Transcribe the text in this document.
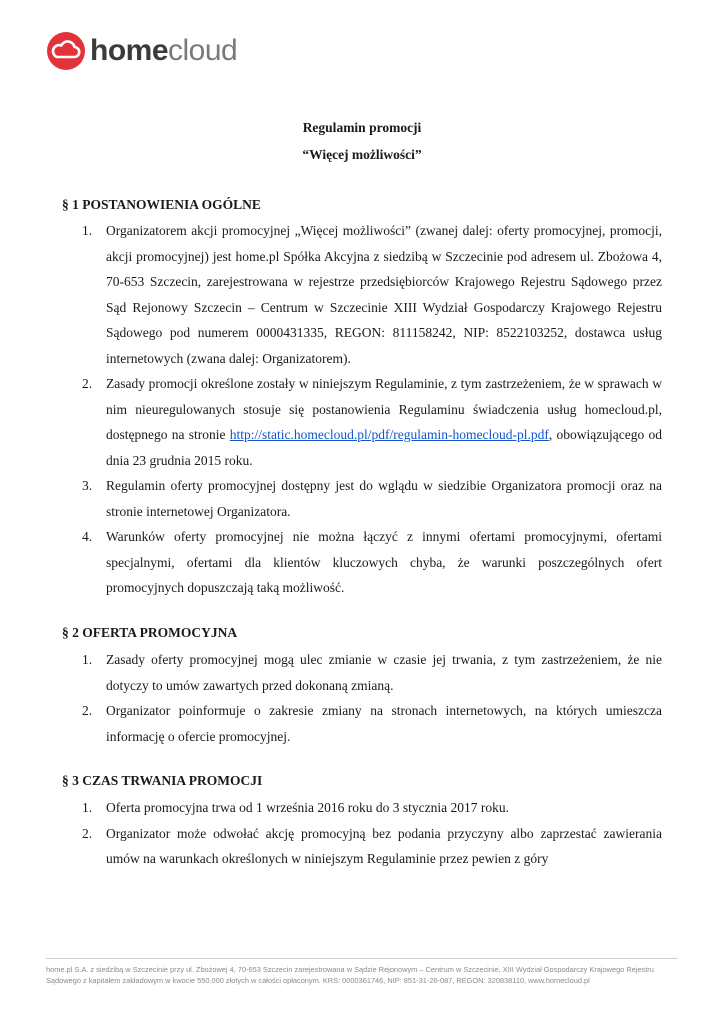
homecloud
Regulamin promocji
“Więcej możliwości”
§ 1 POSTANOWIENIA OGÓLNE
1. Organizatorem akcji promocyjnej „Więcej możliwości” (zwanej dalej: oferty promocyjnej, promocji, akcji promocyjnej) jest home.pl Spółka Akcyjna z siedzibą w Szczecinie pod adresem ul. Zbożowa 4, 70-653 Szczecin, zarejestrowana w rejestrze przedsiębiorców Krajowego Rejestru Sądowego przez Sąd Rejonowy Szczecin – Centrum w Szczecinie XIII Wydział Gospodarczy Krajowego Rejestru Sądowego pod numerem 0000431335, REGON: 811158242, NIP: 8522103252, dostawca usług internetowych (zwana dalej: Organizatorem).
2. Zasady promocji określone zostały w niniejszym Regulaminie, z tym zastrzeżeniem, że w sprawach w nim nieuregulowanych stosuje się postanowienia Regulaminu świadczenia usług homecloud.pl, dostępnego na stronie http://static.homecloud.pl/pdf/regulamin-homecloud-pl.pdf, obowiązującego od dnia 23 grudnia 2015 roku.
3. Regulamin oferty promocyjnej dostępny jest do wglądu w siedzibie Organizatora promocji oraz na stronie internetowej Organizatora.
4. Warunków oferty promocyjnej nie można łączyć z innymi ofertami promocyjnymi, ofertami specjalnymi, ofertami dla klientów kluczowych chyba, że warunki poszczególnych ofert promocyjnych dopuszczają taką możliwość.
§ 2 OFERTA PROMOCYJNA
1. Zasady oferty promocyjnej mogą ulec zmianie w czasie jej trwania, z tym zastrzeżeniem, że nie dotyczy to umów zawartych przed dokonaną zmianą.
2. Organizator poinformuje o zakresie zmiany na stronach internetowych, na których umieszcza informację o ofercie promocyjnej.
§ 3 CZAS TRWANIA PROMOCJI
1. Oferta promocyjna trwa od 1 września 2016 roku do 3 stycznia 2017 roku.
2. Organizator może odwołać akcję promocyjną bez podania przyczyny albo zaprzestać zawierania umów na warunkach określonych w niniejszym Regulaminie przez pewien z góry
home.pl S.A. z siedzibą w Szczecinie przy ul. Zbożowej 4, 70-653 Szczecin zarejestrowana w Sądzie Rejonowym – Centrum w Szczecinie, XIII Wydział Gospodarczy Krajowego Rejestru
Sądowego z kapitałem zakładowym w kwocie 550.000 złotych w całości opłaconym. KRS: 0000361746, NIP: 851-31-26-087, REGON: 320838110, www.homecloud.pl
